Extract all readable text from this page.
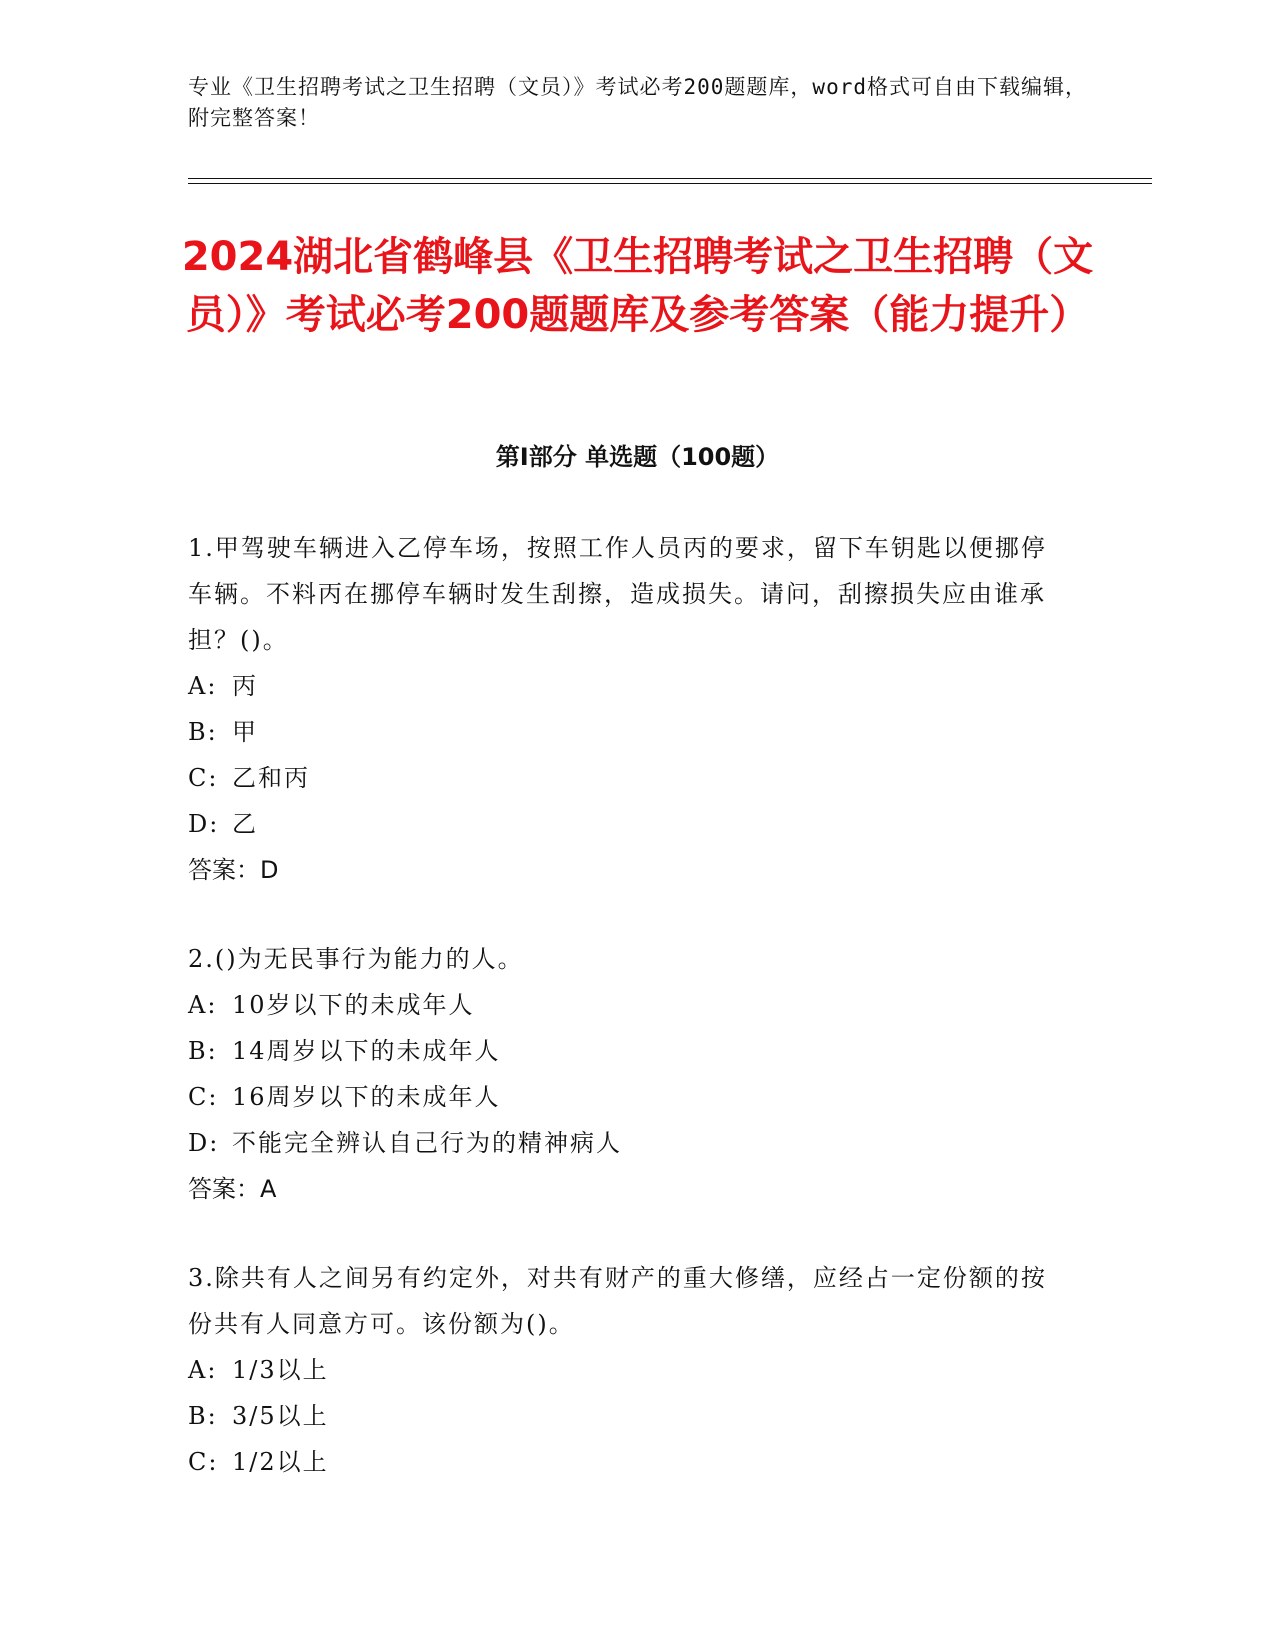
专业《卫生招聘考试之卫生招聘（文员）》考试必考200题题库，word格式可自由下载编辑，附完整答案！
2024湖北省鹤峰县《卫生招聘考试之卫生招聘（文员）》考试必考200题题库及参考答案（能力提升）
第I部分 单选题（100题）
1.甲驾驶车辆进入乙停车场，按照工作人员丙的要求，留下车钥匙以便挪停车辆。不料丙在挪停车辆时发生刮擦，造成损失。请问，刮擦损失应由谁承担？()。
A: 丙
B: 甲
C: 乙和丙
D: 乙
答案：D
2.()为无民事行为能力的人。
A: 10岁以下的未成年人
B: 14周岁以下的未成年人
C: 16周岁以下的未成年人
D: 不能完全辨认自己行为的精神病人
答案：A
3.除共有人之间另有约定外，对共有财产的重大修缮，应经占一定份额的按份共有人同意方可。该份额为()。
A: 1/3以上
B: 3/5以上
C: 1/2以上
